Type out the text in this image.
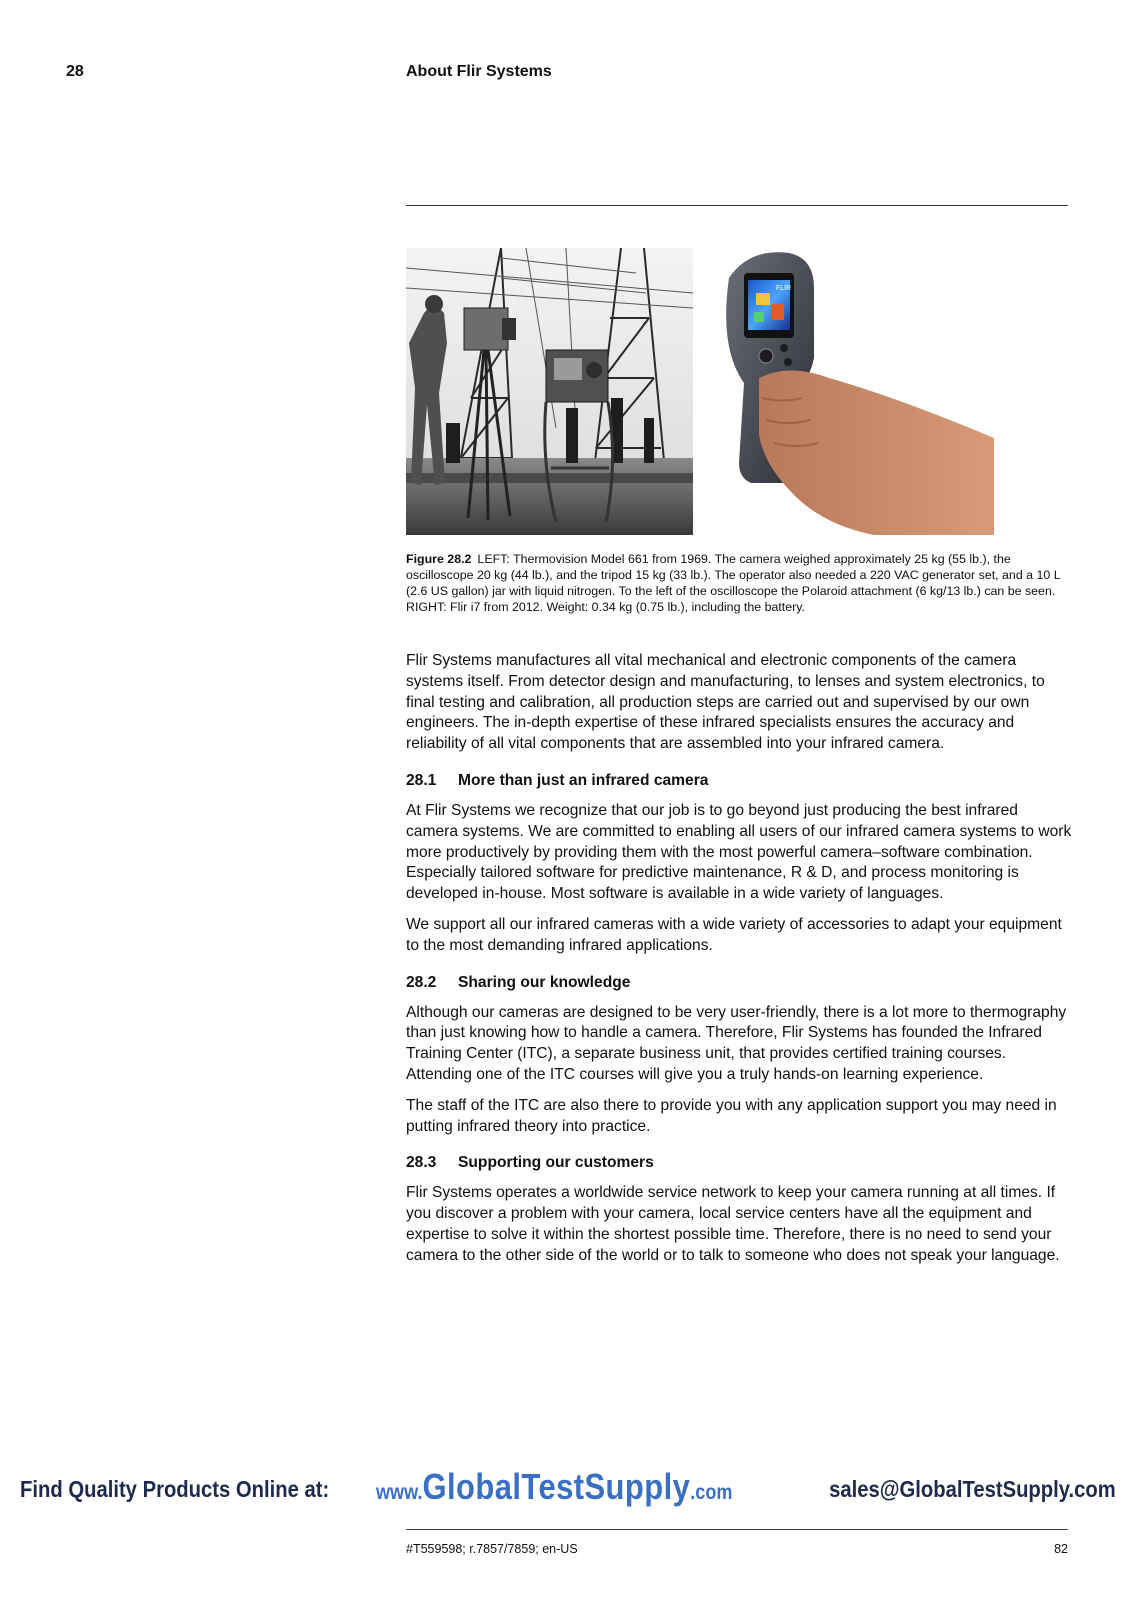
28	About Flir Systems
FLIR
Figure 28.2 LEFT: Thermovision Model 661 from 1969. The camera weighed approximately 25 kg (55 lb.), the oscilloscope 20 kg (44 lb.), and the tripod 15 kg (33 lb.). The operator also needed a 220 VAC generator set, and a 10 L (2.6 US gallon) jar with liquid nitrogen. To the left of the oscilloscope the Polaroid attachment (6 kg/13 lb.) can be seen. RIGHT: Flir i7 from 2012. Weight: 0.34 kg (0.75 lb.), including the battery.

Flir Systems manufactures all vital mechanical and electronic components of the camera systems itself. From detector design and manufacturing, to lenses and system electronics, to final testing and calibration, all production steps are carried out and supervised by our own engineers. The in-depth expertise of these infrared specialists ensures the accuracy and reliability of all vital components that are assembled into your infrared camera.

28.1 More than just an infrared camera

At Flir Systems we recognize that our job is to go beyond just producing the best infrared camera systems. We are committed to enabling all users of our infrared camera systems to work more productively by providing them with the most powerful camera–software combination. Especially tailored software for predictive maintenance, R & D, and process monitoring is developed in-house. Most software is available in a wide variety of languages.

We support all our infrared cameras with a wide variety of accessories to adapt your equipment to the most demanding infrared applications.

28.2 Sharing our knowledge

Although our cameras are designed to be very user-friendly, there is a lot more to thermography than just knowing how to handle a camera. Therefore, Flir Systems has founded the Infrared Training Center (ITC), a separate business unit, that provides certified training courses. Attending one of the ITC courses will give you a truly hands-on learning experience.

The staff of the ITC are also there to provide you with any application support you may need in putting infrared theory into practice.

28.3 Supporting our customers

Flir Systems operates a worldwide service network to keep your camera running at all times. If you discover a problem with your camera, local service centers have all the equipment and expertise to solve it within the shortest possible time. Therefore, there is no need to send your camera to the other side of the world or to talk to someone who does not speak your language.

Find Quality Products Online at: www.GlobalTestSupply.com	sales@GlobalTestSupply.com
#T559598; r.7857/7859; en-US	82
